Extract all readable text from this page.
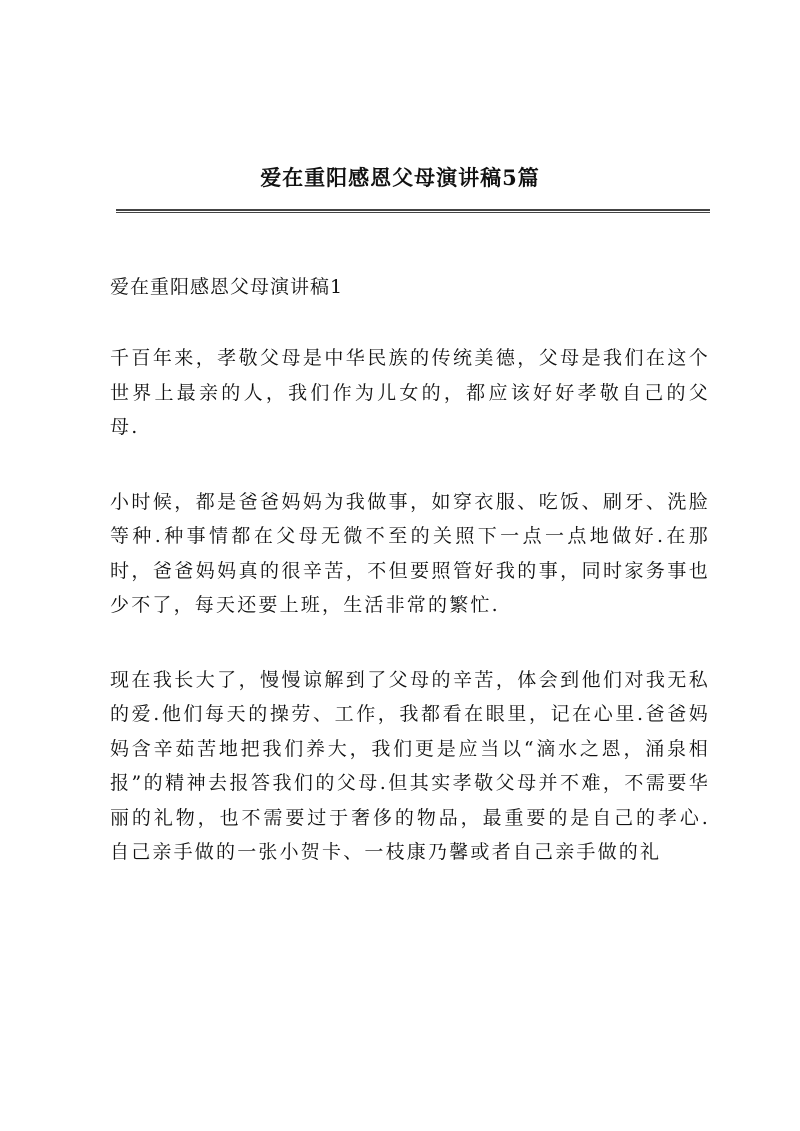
爱在重阳感恩父母演讲稿5篇

爱在重阳感恩父母演讲稿1

千百年来，孝敬父母是中华民族的传统美德，父母是我们在这个世界上最亲的人，我们作为儿女的，都应该好好孝敬自己的父母.

小时候，都是爸爸妈妈为我做事，如穿衣服、吃饭、刷牙、洗脸等种.种事情都在父母无微不至的关照下一点一点地做好.在那时，爸爸妈妈真的很辛苦，不但要照管好我的事，同时家务事也少不了，每天还要上班，生活非常的繁忙.

现在我长大了，慢慢谅解到了父母的辛苦，体会到他们对我无私的爱.他们每天的操劳、工作，我都看在眼里，记在心里.爸爸妈妈含辛茹苦地把我们养大，我们更是应当以“滴水之恩，涌泉相报”的精神去报答我们的父母.但其实孝敬父母并不难，不需要华丽的礼物，也不需要过于奢侈的物品，最重要的是自己的孝心.自己亲手做的一张小贺卡、一枝康乃馨或者自己亲手做的礼
